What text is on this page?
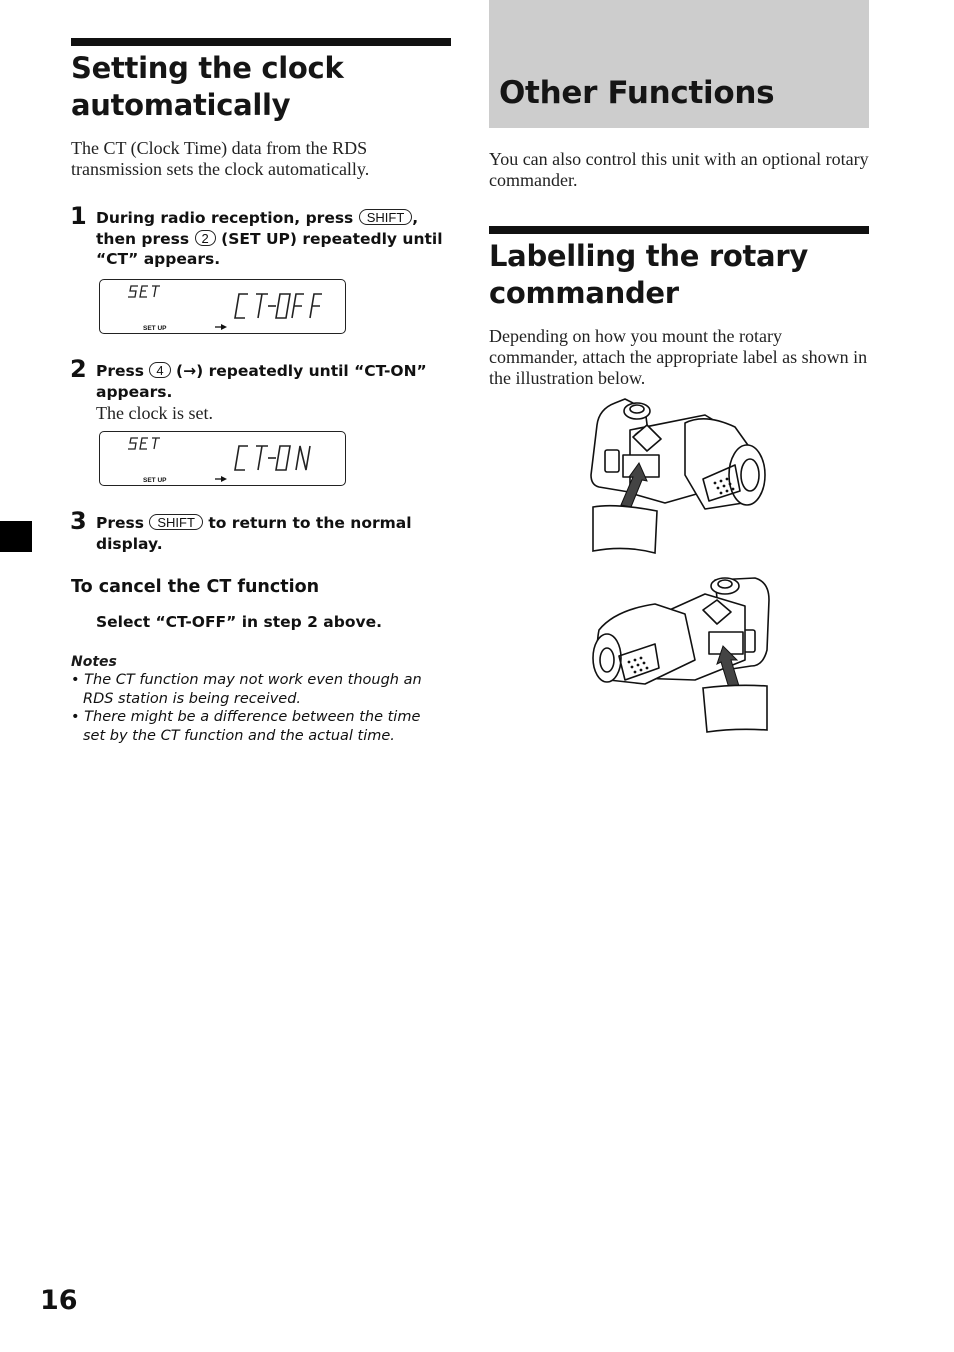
Setting the clock automatically
The CT (Clock Time) data from the RDS transmission sets the clock automatically.
1 During radio reception, press SHIFT ,
then press 2 (SET UP) repeatedly until
“CT” appears.
SET UP
2 Press 4 (→) repeatedly until “CT-ON”
appears.
The clock is set.
SET UP
3 Press SHIFT to return to the normal
display.
To cancel the CT function
Select “CT-OFF” in step 2 above.
Notes
• The CT function may not work even though an
RDS station is being received.
• There might be a difference between the time
set by the CT function and the actual time.
16
Other Functions
You can also control this unit with an optional rotary commander.
Labelling the rotary commander
Depending on how you mount the rotary commander, attach the appropriate label as shown in the illustration below.
